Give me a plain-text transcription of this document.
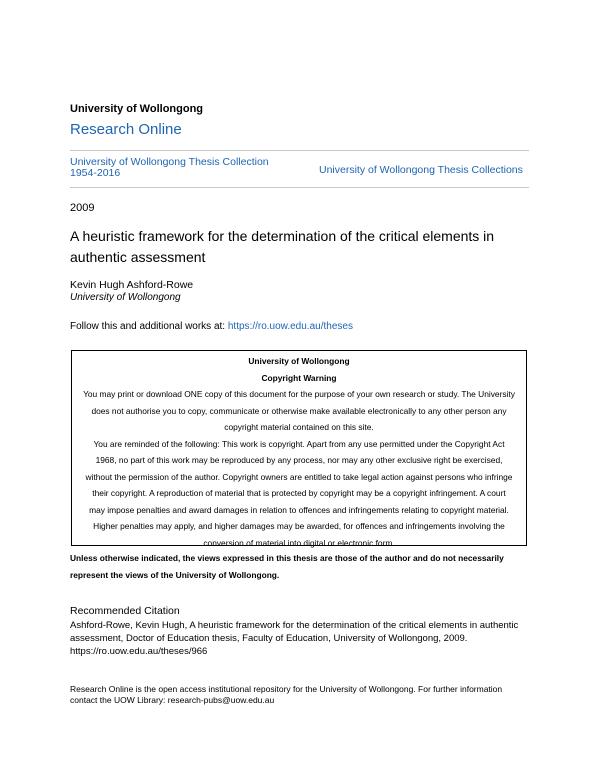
University of Wollongong
Research Online
University of Wollongong Thesis Collection 1954-2016	University of Wollongong Thesis Collections
2009
A heuristic framework for the determination of the critical elements in authentic assessment
Kevin Hugh Ashford-Rowe
University of Wollongong
Follow this and additional works at: https://ro.uow.edu.au/theses
University of Wollongong
Copyright Warning
You may print or download ONE copy of this document for the purpose of your own research or study. The University
does not authorise you to copy, communicate or otherwise make available electronically to any other person any
copyright material contained on this site.
You are reminded of the following: This work is copyright. Apart from any use permitted under the Copyright Act
1968, no part of this work may be reproduced by any process, nor may any other exclusive right be exercised,
without the permission of the author. Copyright owners are entitled to take legal action against persons who infringe
their copyright. A reproduction of material that is protected by copyright may be a copyright infringement. A court
may impose penalties and award damages in relation to offences and infringements relating to copyright material.
Higher penalties may apply, and higher damages may be awarded, for offences and infringements involving the
conversion of material into digital or electronic form.
Unless otherwise indicated, the views expressed in this thesis are those of the author and do not necessarily
represent the views of the University of Wollongong.
Recommended Citation
Ashford-Rowe, Kevin Hugh, A heuristic framework for the determination of the critical elements in authentic assessment, Doctor of Education thesis, Faculty of Education, University of Wollongong, 2009. https://ro.uow.edu.au/theses/966
Research Online is the open access institutional repository for the University of Wollongong. For further information
contact the UOW Library: research-pubs@uow.edu.au
